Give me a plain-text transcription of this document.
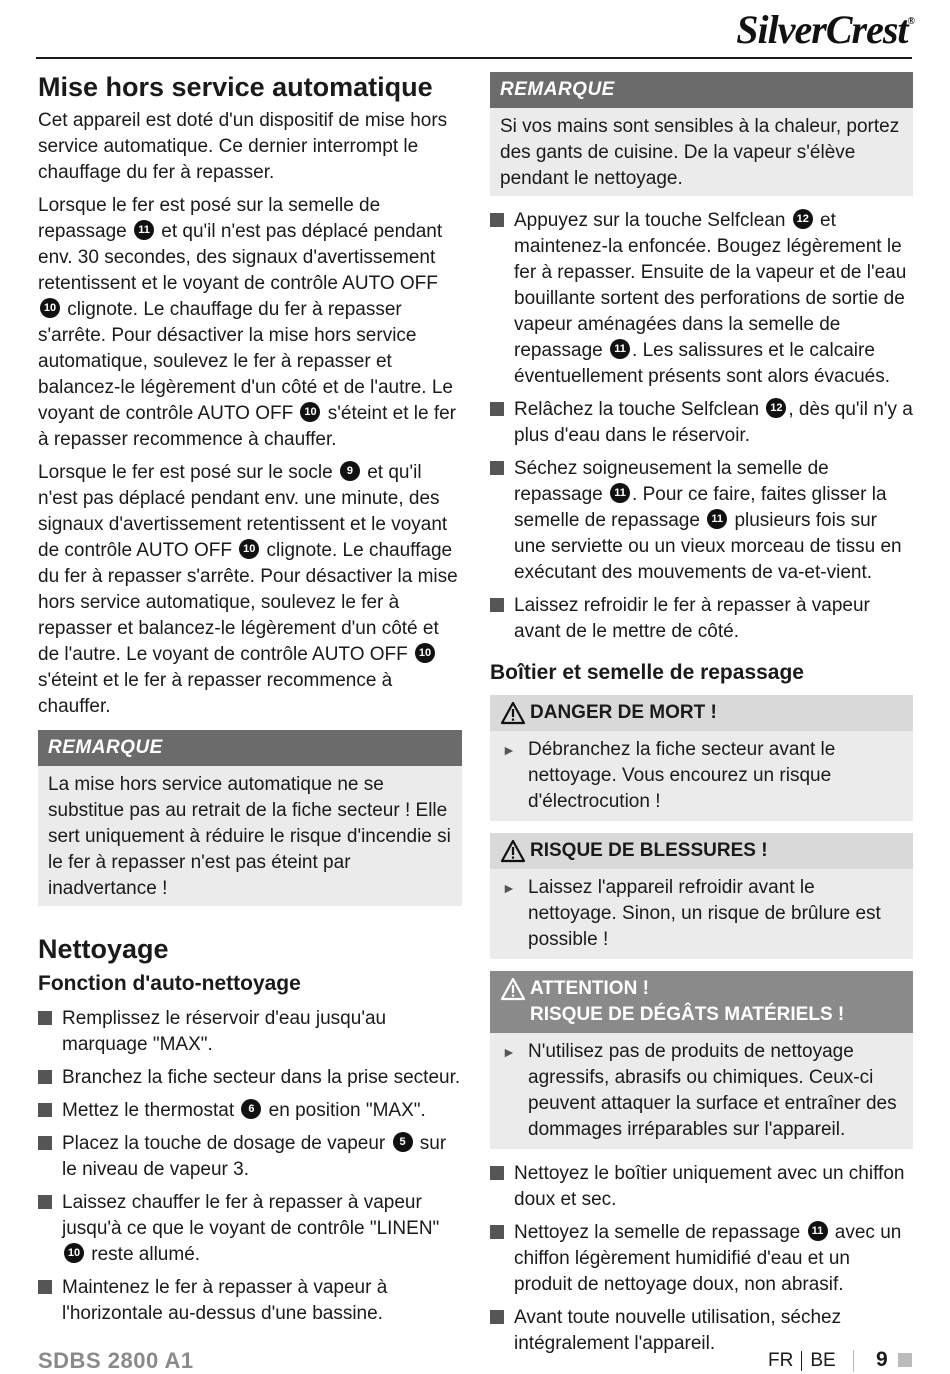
SilverCrest®
Mise hors service automatique

Cet appareil est doté d'un dispositif de mise hors service automatique. Ce dernier interrompt le chauffage du fer à repasser.

Lorsque le fer est posé sur la semelle de repassage 11 et qu'il n'est pas déplacé pendant env. 30 secondes, des signaux d'avertissement retentissent et le voyant de contrôle AUTO OFF 10 clignote. Le chauffage du fer à repasser s'arrête. Pour désactiver la mise hors service automatique, soulevez le fer à repasser et balancez-le légèrement d'un côté et de l'autre. Le voyant de contrôle AUTO OFF 10 s'éteint et le fer à repasser recommence à chauffer.

Lorsque le fer est posé sur le socle 9 et qu'il n'est pas déplacé pendant env. une minute, des signaux d'avertissement retentissent et le voyant de contrôle AUTO OFF 10 clignote. Le chauffage du fer à repasser s'arrête. Pour désactiver la mise hors service automatique, soulevez le fer à repasser et balancez-le légèrement d'un côté et de l'autre. Le voyant de contrôle AUTO OFF 10 s'éteint et le fer à repasser recommence à chauffer.

REMARQUE
La mise hors service automatique ne se substitue pas au retrait de la fiche secteur ! Elle sert uniquement à réduire le risque d'incendie si le fer à repasser n'est pas éteint par inadvertance !
Nettoyage
Fonction d'auto-nettoyage
Remplissez le réservoir d'eau jusqu'au marquage "MAX".
Branchez la fiche secteur dans la prise secteur.
Mettez le thermostat 6 en position "MAX".
Placez la touche de dosage de vapeur 5 sur le niveau de vapeur 3.
Laissez chauffer le fer à repasser à vapeur jusqu'à ce que le voyant de contrôle "LINEN" 10 reste allumé.
Maintenez le fer à repasser à vapeur à l'horizontale au-dessus d'une bassine.
REMARQUE
Si vos mains sont sensibles à la chaleur, portez des gants de cuisine. De la vapeur s'élève pendant le nettoyage.
Appuyez sur la touche Selfclean 12 et maintenez-la enfoncée. Bougez légèrement le fer à repasser. Ensuite de la vapeur et de l'eau bouillante sortent des perforations de sortie de vapeur aménagées dans la semelle de repassage 11 . Les salissures et le calcaire éventuellement présents sont alors évacués.
Relâchez la touche Selfclean 12 , dès qu'il n'y a plus d'eau dans le réservoir.
Séchez soigneusement la semelle de repassage 11 . Pour ce faire, faites glisser la semelle de repassage 11 plusieurs fois sur une serviette ou un vieux morceau de tissu en exécutant des mouvements de va-et-vient.
Laissez refroidir le fer à repasser à vapeur avant de le mettre de côté.
Boîtier et semelle de repassage
DANGER DE MORT !
► Débranchez la fiche secteur avant le nettoyage. Vous encourez un risque d'électrocution !
RISQUE DE BLESSURES !
► Laissez l'appareil refroidir avant le nettoyage. Sinon, un risque de brûlure est possible !
ATTENTION !
RISQUE DE DÉGÂTS MATÉRIELS !
► N'utilisez pas de produits de nettoyage agressifs, abrasifs ou chimiques. Ceux-ci peuvent attaquer la surface et entraîner des dommages irréparables sur l'appareil.
Nettoyez le boîtier uniquement avec un chiffon doux et sec.
Nettoyez la semelle de repassage 11 avec un chiffon légèrement humidifié d'eau et un produit de nettoyage doux, non abrasif.
Avant toute nouvelle utilisation, séchez intégralement l'appareil.
SDBS 2800 A1	FR BE 9
